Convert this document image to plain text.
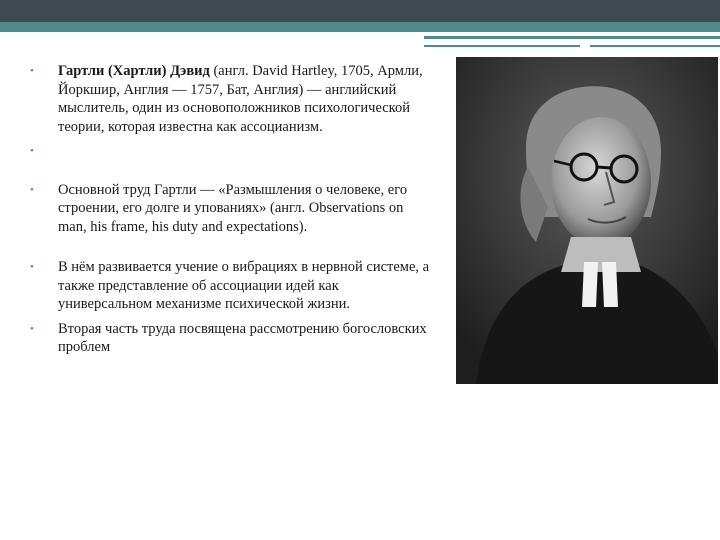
• Гартли (Хартли) Дэвид (англ. David Hartley, 1705, Армли, Йоркшир, Англия — 1757, Бат, Англия) — английский мыслитель, один из основоположников психологической теории, которая известна как ассоцианизм.
•

• Основной труд Гартли — «Размышления о человеке, его строении, его долге и упованиях» (англ. Observations on man, his frame, his duty and expectations).
• В нём развивается учение о вибрациях в нервной системе, а также представление об ассоциации идей как универсальном механизме психической жизни.
• Вторая часть труда посвящена рассмотрению богословских проблем
